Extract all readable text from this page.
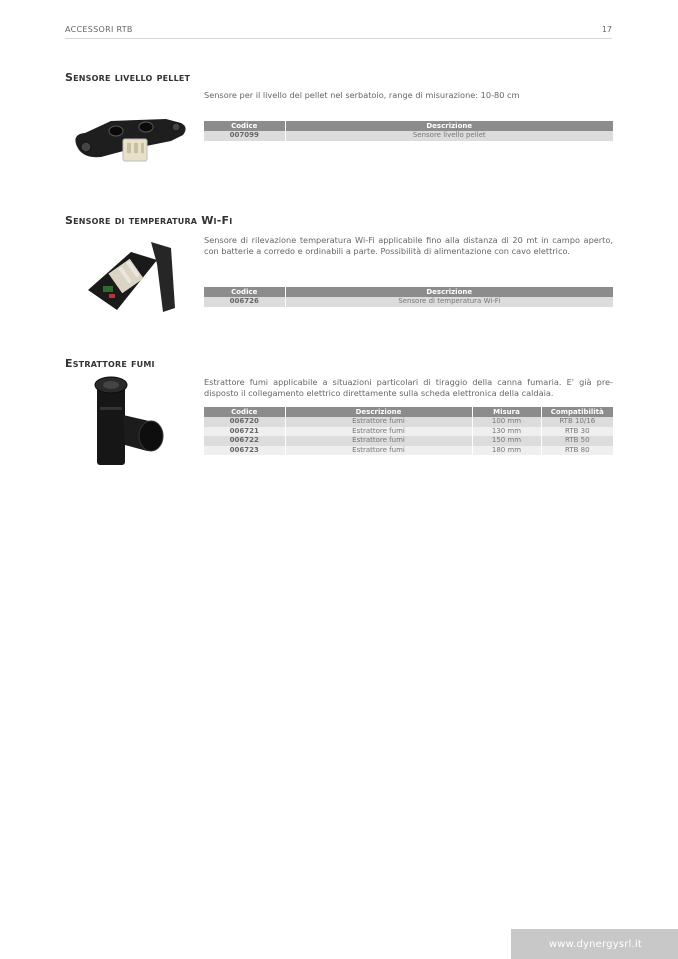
ACCESSORI RTB	17
Sensore livello pellet
Sensore per il livello del pellet nel serbatoio, range di misurazione: 10-80 cm
Codice	Descrizione
007099	Sensore livello pellet
Sensore di temperatura Wi-Fi
Sensore di rilevazione temperatura Wi-Fi applicabile fino alla distanza di 20 mt in campo aperto, con batterie a corredo e ordinabili a parte. Possibilità di alimentazione con cavo elettrico.
Codice	Descrizione
006726	Sensore di temperatura Wi-Fi
Estrattore fumi
Estrattore fumi applicabile a situazioni particolari di tiraggio della canna fumaria. E' già pre-disposto il collegamento elettrico direttamente sulla scheda elettronica della caldaia.
Codice	Descrizione	Misura	Compatibilità
006720	Estrattore fumi	100 mm	RTB 10/16
006721	Estrattore fumi	130 mm	RTB 30
006722	Estrattore fumi	150 mm	RTB 50
006723	Estrattore fumi	180 mm	RTB 80
www.dynergysrl.it
